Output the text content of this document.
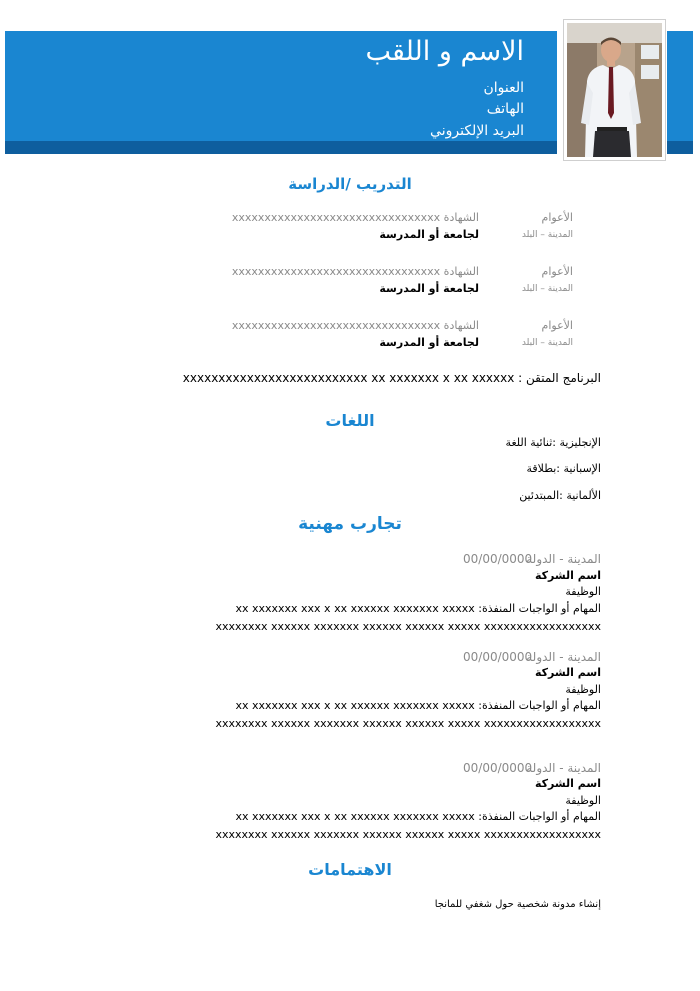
الاسم و اللقب
العنوان
الهاتف
البريد الإلكتروني
التدريب /الدراسة
الأعوام
المدينة – البلد
الشهادة xxxxxxxxxxxxxxxxxxxxxxxxxxxxxxxx
لجامعة أو المدرسة
الأعوام
المدينة – البلد
الشهادة xxxxxxxxxxxxxxxxxxxxxxxxxxxxxxxx
لجامعة أو المدرسة
الأعوام
المدينة – البلد
الشهادة xxxxxxxxxxxxxxxxxxxxxxxxxxxxxxxx
لجامعة أو المدرسة
البرنامج المتقن : xxxxxxxxxxxxxxxxxxxxxxxxxx xx xxxxxxx x xx xxxxxx
اللغات
الإنجليزية :ثنائية اللغة
الإسبانية :بطلاقة
الألمانية :المبتدئين
تجارب مهنية
المدينة - الدولة
00/00/0000
اسم الشركة
الوظيفة
المهام أو الواجبات المنفذة: xx xxxxxxx xxx x xx xxxxxx xxxxxxx xxxxx
xxxxxxxx xxxxxx xxxxxxx xxxxxx xxxxxx xxxxx xxxxxxxxxxxxxxxxxx
المدينة - الدولة
00/00/0000
اسم الشركة
الوظيفة
المهام أو الواجبات المنفذة: xx xxxxxxx xxx x xx xxxxxx xxxxxxx xxxxx
xxxxxxxx xxxxxx xxxxxxx xxxxxx xxxxxx xxxxx xxxxxxxxxxxxxxxxxx
المدينة - الدولة
00/00/0000
اسم الشركة
الوظيفة
المهام أو الواجبات المنفذة: xx xxxxxxx xxx x xx xxxxxx xxxxxxx xxxxx
xxxxxxxx xxxxxx xxxxxxx xxxxxx xxxxxx xxxxx xxxxxxxxxxxxxxxxxx
الاهتمامات
إنشاء مدونة شخصية حول شغفي للمانجا
